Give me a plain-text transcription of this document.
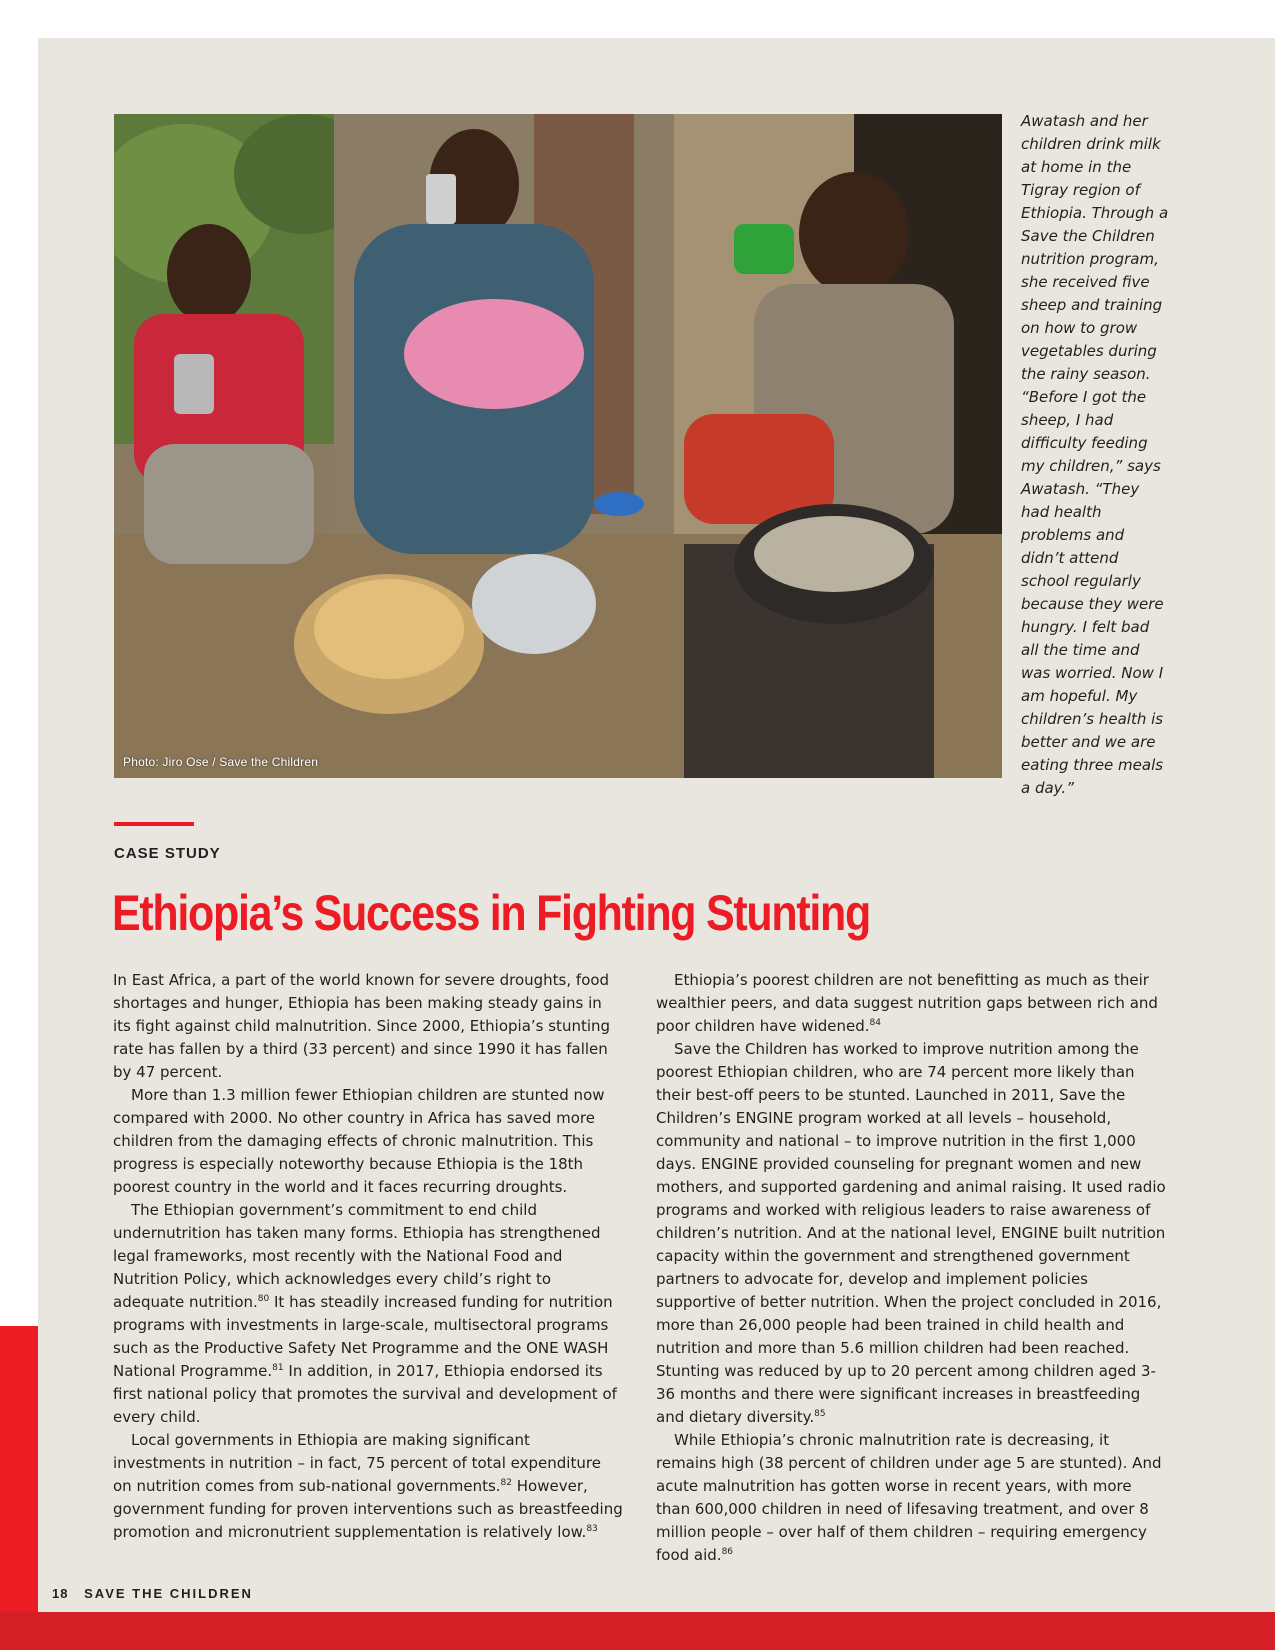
Photo: Jiro Ose / Save the Children
Awatash and her children drink milk at home in the Tigray region of Ethiopia. Through a Save the Children nutrition program, she received five sheep and training on how to grow vegetables during the rainy season. “Before I got the sheep, I had difficulty feeding my children,” says Awatash. “They had health problems and didn’t attend school regularly because they were hungry. I felt bad all the time and was worried. Now I am hopeful. My children’s health is better and we are eating three meals a day.”
CASE STUDY
Ethiopia’s Success in Fighting Stunting

In East Africa, a part of the world known for severe droughts, food shortages and hunger, Ethiopia has been making steady gains in its fight against child malnutrition. Since 2000, Ethiopia’s stunting rate has fallen by a third (33 percent) and since 1990 it has fallen by 47 percent.

More than 1.3 million fewer Ethiopian children are stunted now compared with 2000. No other country in Africa has saved more children from the damaging effects of chronic malnutrition. This progress is especially noteworthy because Ethiopia is the 18th poorest country in the world and it faces recurring droughts.

The Ethiopian government’s commitment to end child undernutrition has taken many forms. Ethiopia has strengthened legal frameworks, most recently with the National Food and Nutrition Policy, which acknowledges every child’s right to adequate nutrition.$^{80}$ It has steadily increased funding for nutrition programs with investments in large-scale, multisectoral programs such as the Productive Safety Net Programme and the ONE WASH National Programme.$^{81}$ In addition, in 2017, Ethiopia endorsed its first national policy that promotes the survival and development of every child.

Local governments in Ethiopia are making significant investments in nutrition – in fact, 75 percent of total expenditure on nutrition comes from sub-national governments.$^{82}$ However, government funding for proven interventions such as breastfeeding promotion and micronutrient supplementation is relatively low.$^{83}$

Ethiopia’s poorest children are not benefitting as much as their wealthier peers, and data suggest nutrition gaps between rich and poor children have widened.$^{84}$

Save the Children has worked to improve nutrition among the poorest Ethiopian children, who are 74 percent more likely than their best-off peers to be stunted. Launched in 2011, Save the Children’s ENGINE program worked at all levels – household, community and national – to improve nutrition in the first 1,000 days. ENGINE provided counseling for pregnant women and new mothers, and supported gardening and animal raising. It used radio programs and worked with religious leaders to raise awareness of children’s nutrition. And at the national level, ENGINE built nutrition capacity within the government and strengthened government partners to advocate for, develop and implement policies supportive of better nutrition. When the project concluded in 2016, more than 26,000 people had been trained in child health and nutrition and more than 5.6 million children had been reached. Stunting was reduced by up to 20 percent among children aged 3-36 months and there were significant increases in breastfeeding and dietary diversity.$^{85}$

While Ethiopia’s chronic malnutrition rate is decreasing, it remains high (38 percent of children under age 5 are stunted). And acute malnutrition has gotten worse in recent years, with more than 600,000 children in need of lifesaving treatment, and over 8 million people – over half of them children – requiring emergency food aid.$^{86}$

18 SAVE THE CHILDREN
